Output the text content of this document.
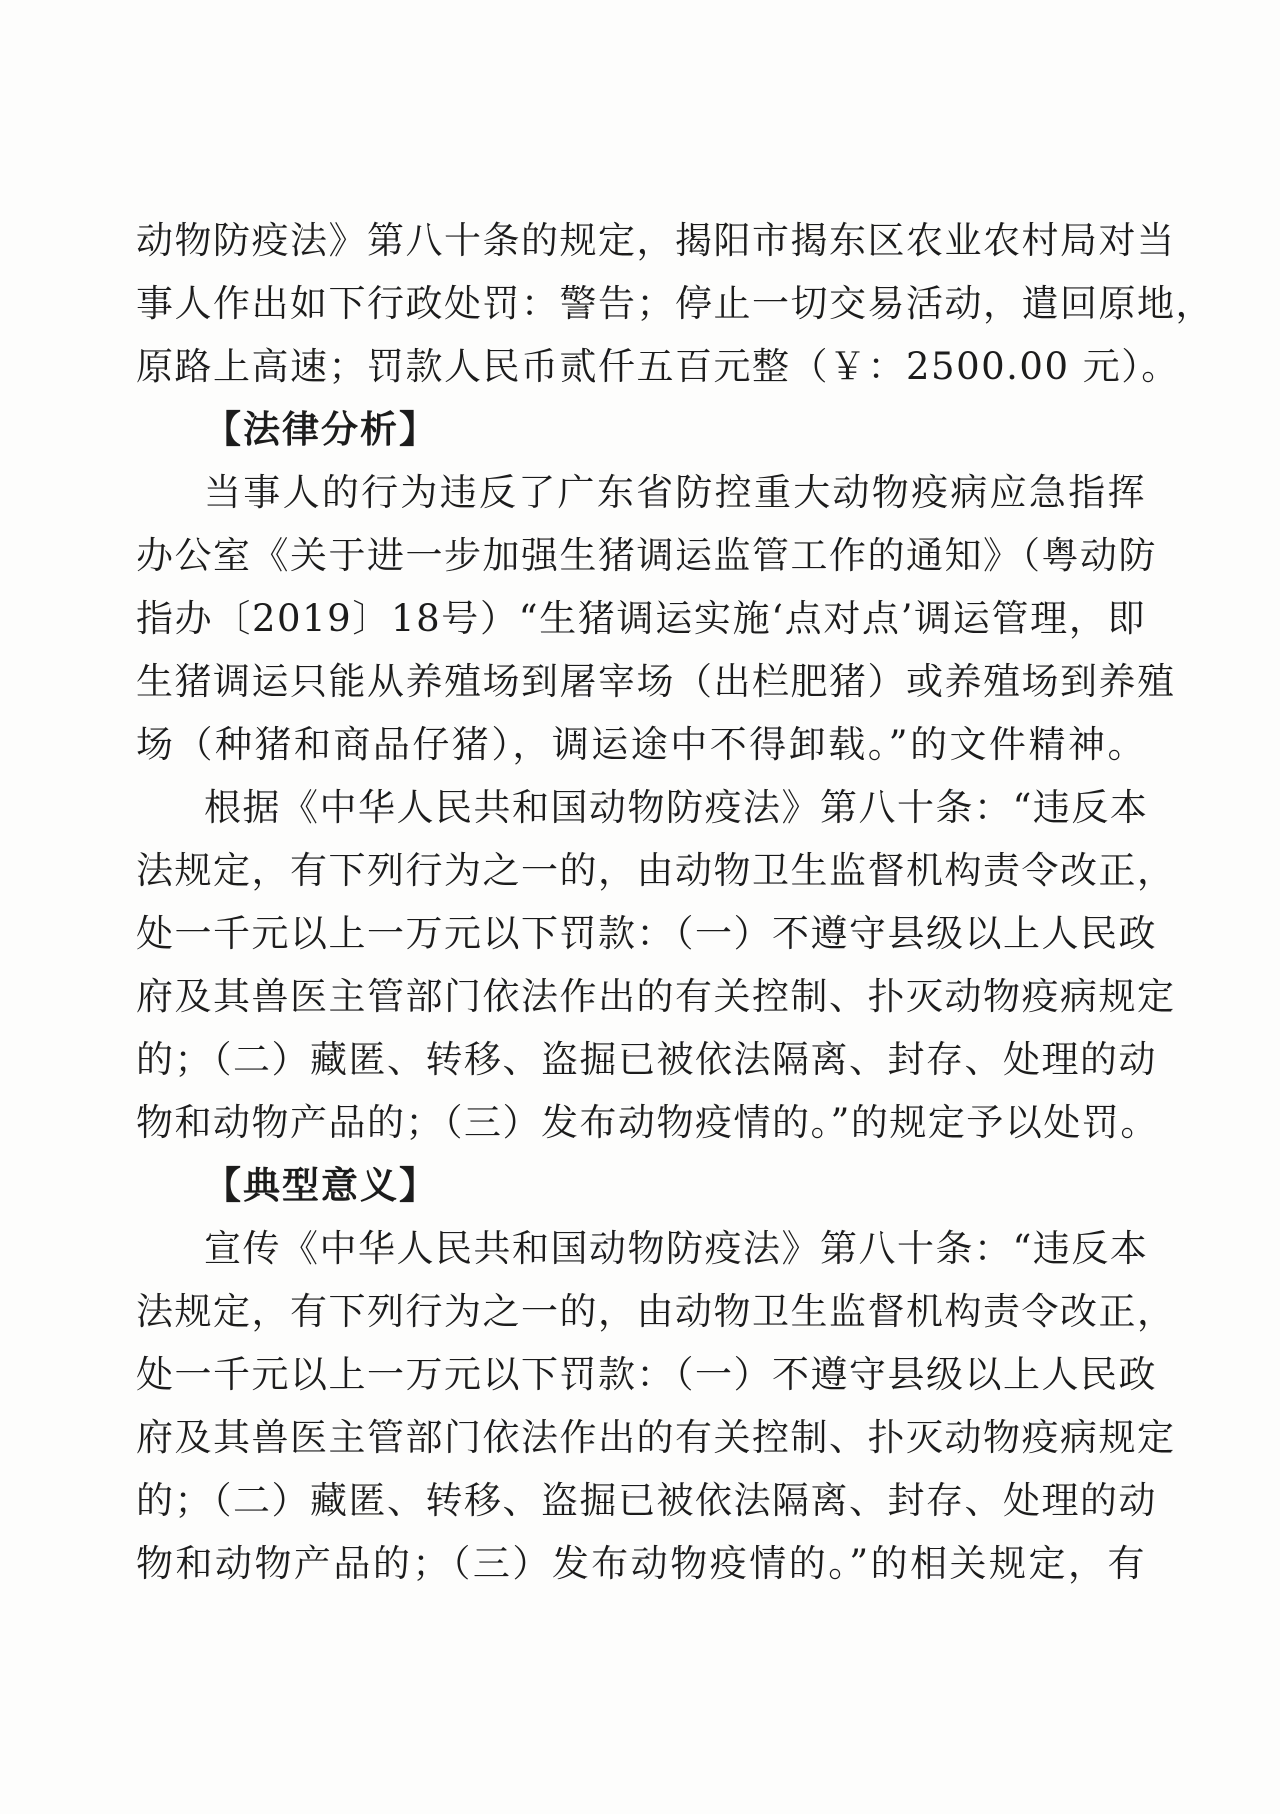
动物防疫法》第八十条的规定，揭阳市揭东区农业农村局对当
事人作出如下行政处罚：警告；停止一切交易活动，遣回原地，
原路上高速；罚款人民币贰仟五百元整（￥：2500.00 元）。
【法律分析】
当事人的行为违反了广东省防控重大动物疫病应急指挥
办公室《关于进一步加强生猪调运监管工作的通知》（粤动防
指办〔2019〕18号）“生猪调运实施‘点对点’调运管理，即
生猪调运只能从养殖场到屠宰场（出栏肥猪）或养殖场到养殖
场（种猪和商品仔猪），调运途中不得卸载。”的文件精神。
根据《中华人民共和国动物防疫法》第八十条：“违反本
法规定，有下列行为之一的，由动物卫生监督机构责令改正，
处一千元以上一万元以下罚款：（一）不遵守县级以上人民政
府及其兽医主管部门依法作出的有关控制、扑灭动物疫病规定
的；（二）藏匿、转移、盗掘已被依法隔离、封存、处理的动
物和动物产品的；（三）发布动物疫情的。”的规定予以处罚。
【典型意义】
宣传《中华人民共和国动物防疫法》第八十条：“违反本
法规定，有下列行为之一的，由动物卫生监督机构责令改正，
处一千元以上一万元以下罚款：（一）不遵守县级以上人民政
府及其兽医主管部门依法作出的有关控制、扑灭动物疫病规定
的；（二）藏匿、转移、盗掘已被依法隔离、封存、处理的动
物和动物产品的；（三）发布动物疫情的。”的相关规定，有
